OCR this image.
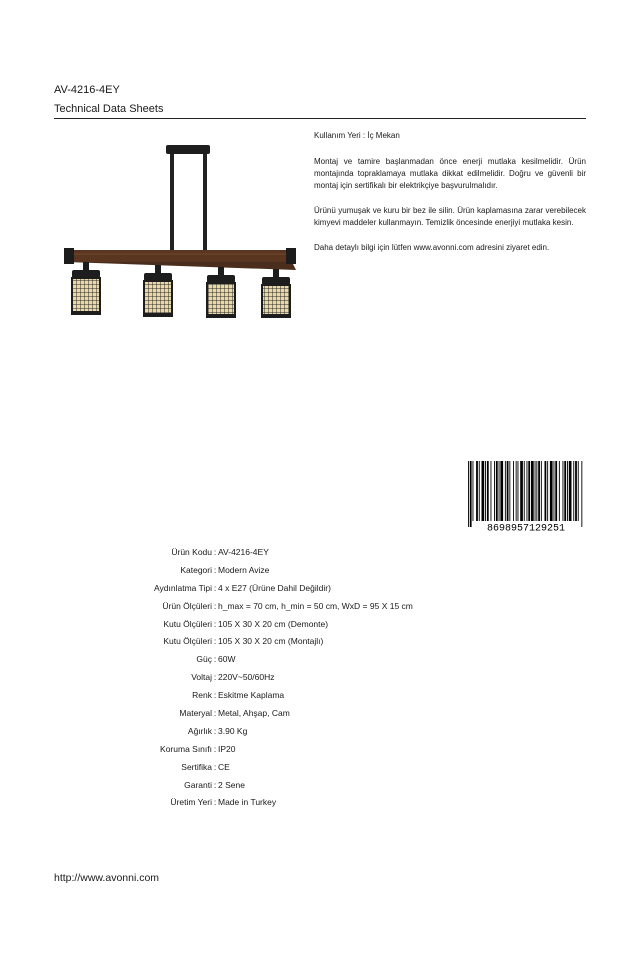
AV-4216-4EY
Technical Data Sheets

Kullanım Yeri : İç Mekan

Montaj ve tamire başlanmadan önce enerji mutlaka kesilmelidir. Ürün montajında topraklamaya mutlaka dikkat edilmelidir. Doğru ve güvenli bir montaj için sertifikalı bir elektrikçiye başvurulmalıdır.

Ürünü yumuşak ve kuru bir bez ile silin. Ürün kaplamasına zarar verebilecek kimyevi maddeler kullanmayın. Temizlik öncesinde enerjiyi mutlaka kesin.

Daha detaylı bilgi için lütfen www.avonni.com adresini ziyaret edin.

8698957129251
Ürün Kodu : AV-4216-4EY
Kategori : Modern Avize
Aydınlatma Tipi : 4 x E27 (Ürüne Dahil Değildir)
Ürün Ölçüleri : h_max = 70 cm, h_min = 50 cm, WxD = 95 X 15 cm
Kutu Ölçüleri : 105 X 30 X 20 cm (Demonte)
Kutu Ölçüleri : 105 X 30 X 20 cm (Montajlı)
Güç : 60W
Voltaj : 220V~50/60Hz
Renk : Eskitme Kaplama
Materyal : Metal, Ahşap, Cam
Ağırlık : 3.90 Kg
Koruma Sınıfı : IP20
Sertifika : CE
Garanti : 2 Sene
Üretim Yeri : Made in Turkey
http://www.avonni.com
